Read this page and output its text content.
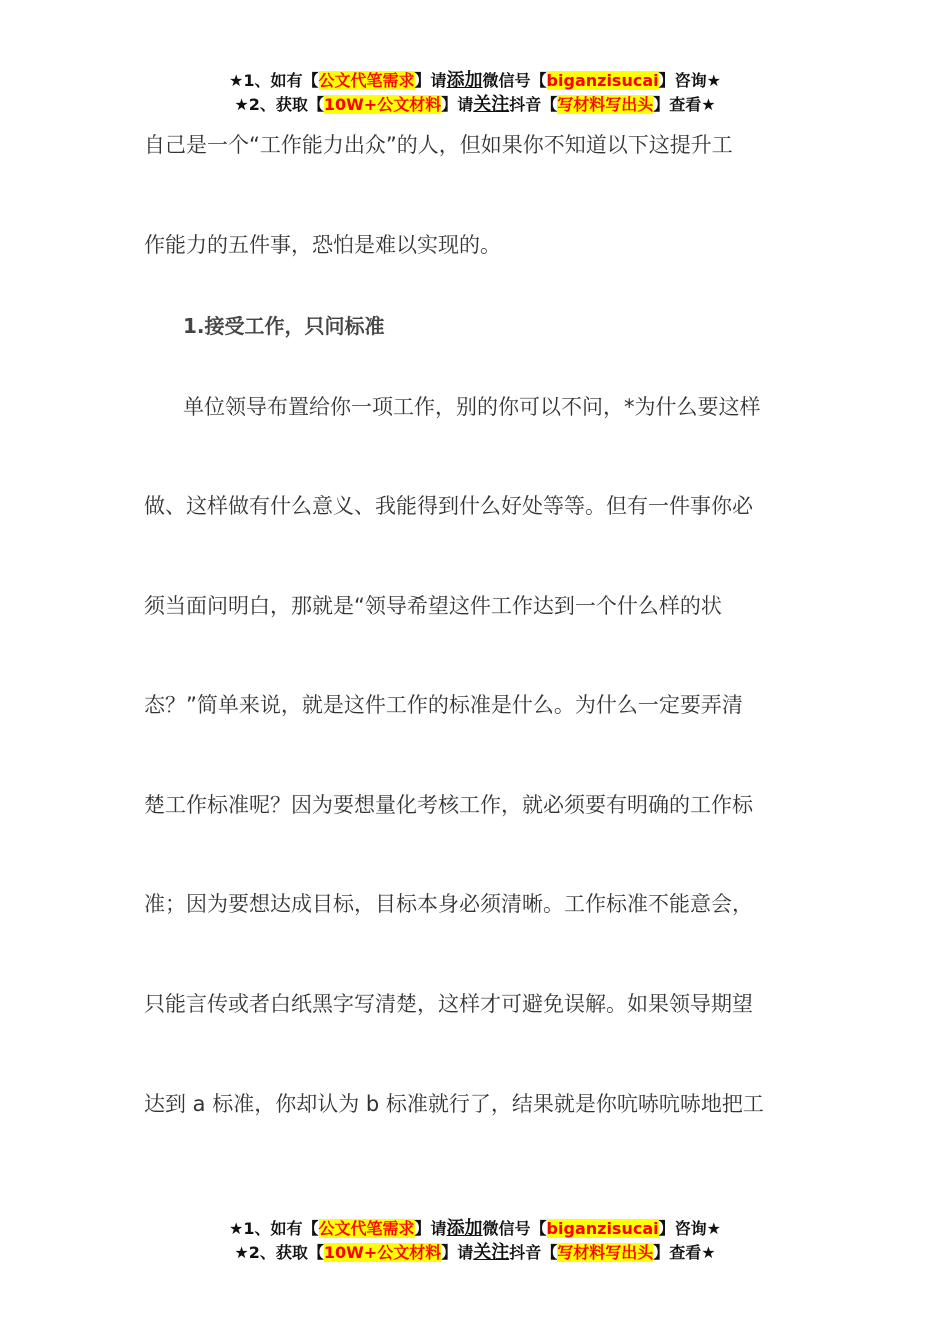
★1、如有【公文代笔需求】请添加微信号【biganzisucai】咨询★
★2、获取【10W+公文材料】请关注抖音【写材料写出头】查看★
自己是一个“工作能力出众”的人，但如果你不知道以下这提升工
作能力的五件事，恐怕是难以实现的。
1.接受工作，只问标准
单位领导布置给你一项工作，别的你可以不问，*为什么要这样
做、这样做有什么意义、我能得到什么好处等等。但有一件事你必
须当面问明白，那就是“领导希望这件工作达到一个什么样的状
态？”简单来说，就是这件工作的标准是什么。为什么一定要弄清
楚工作标准呢？因为要想量化考核工作，就必须要有明确的工作标
准；因为要想达成目标，目标本身必须清晰。工作标准不能意会，
只能言传或者白纸黑字写清楚，这样才可避免误解。如果领导期望
达到 a 标准，你却认为 b 标准就行了，结果就是你吭哧吭哧地把工
★1、如有【公文代笔需求】请添加微信号【biganzisucai】咨询★
★2、获取【10W+公文材料】请关注抖音【写材料写出头】查看★
